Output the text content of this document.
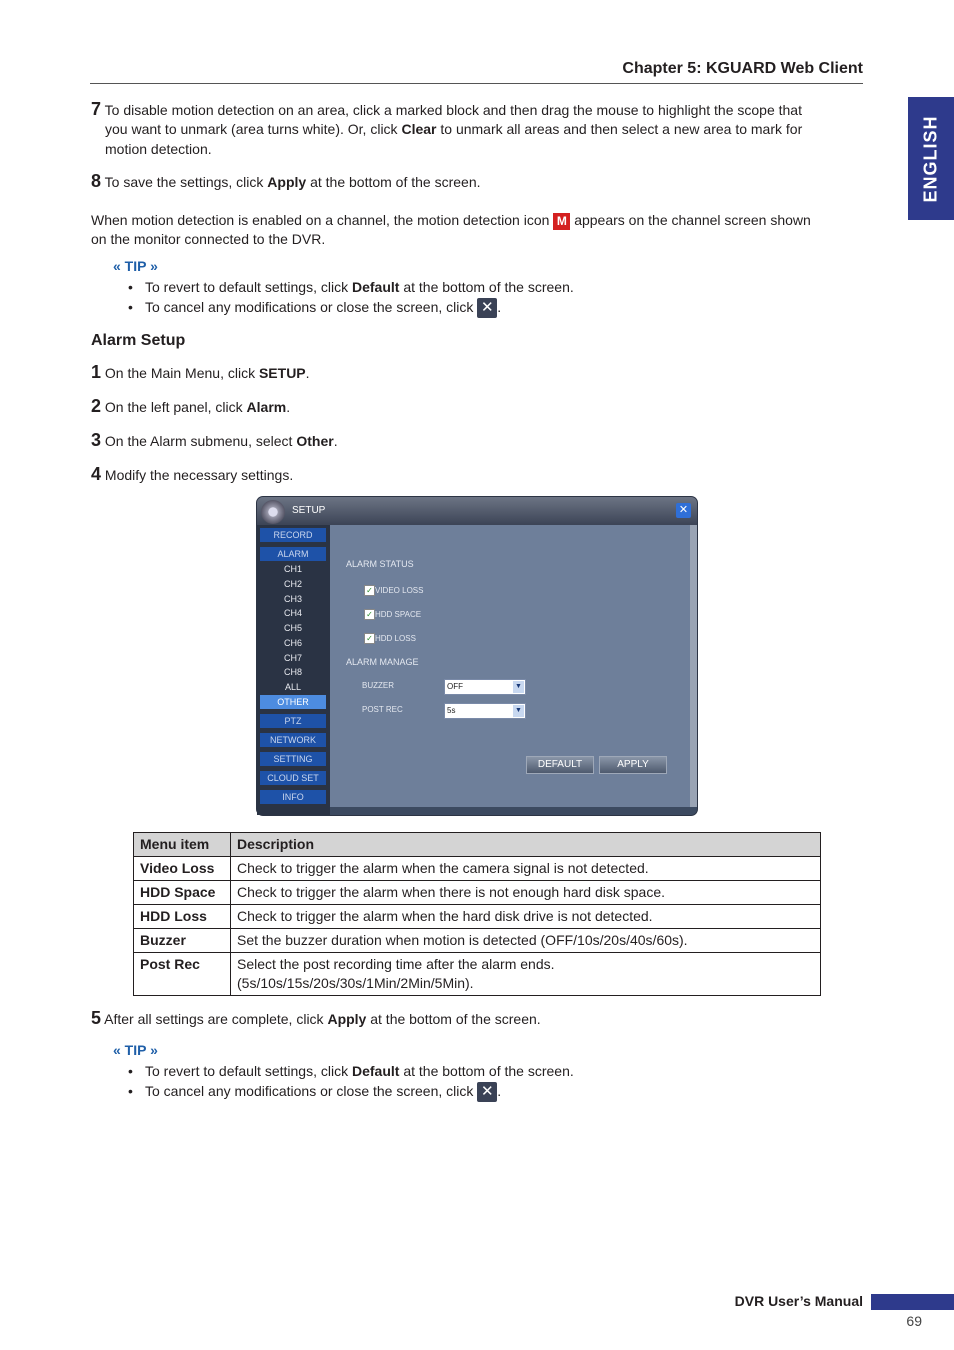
Chapter 5: KGUARD Web Client
ENGLISH
7 To disable motion detection on an area, click a marked block and then drag the mouse to highlight the scope that
you want to unmark (area turns white). Or, click Clear to unmark all areas and then select a new area to mark for
motion detection.
8 To save the settings, click Apply at the bottom of the screen.
When motion detection is enabled on a channel, the motion detection icon M appears on the channel screen shown
on the monitor connected to the DVR.
« TIP »
• To revert to default settings, click Default at the bottom of the screen.
• To cancel any modifications or close the screen, click ✕ .
Alarm Setup
1 On the Main Menu, click SETUP.
2 On the left panel, click Alarm.
3 On the Alarm submenu, select Other.
4 Modify the necessary settings.
SETUP	✕
RECORD
ALARM
CH1
CH2
CH3
CH4
CH5
CH6
CH7
CH8
ALL
OTHER
PTZ
NETWORK
SETTING
CLOUD SET
INFO
ALARM STATUS
✓ VIDEO LOSS
✓ HDD SPACE
✓ HDD LOSS
ALARM MANAGE
BUZZER	OFF	▼
POST REC	5s	▼
DEFAULT	APPLY
Menu item	Description
Video Loss	Check to trigger the alarm when the camera signal is not detected.
HDD Space	Check to trigger the alarm when there is not enough hard disk space.
HDD Loss	Check to trigger the alarm when the hard disk drive is not detected.
Buzzer	Set the buzzer duration when motion is detected (OFF/10s/20s/40s/60s).
Post Rec	Select the post recording time after the alarm ends.
(5s/10s/15s/20s/30s/1Min/2Min/5Min).
5 After all settings are complete, click Apply at the bottom of the screen.
« TIP »
• To revert to default settings, click Default at the bottom of the screen.
• To cancel any modifications or close the screen, click ✕ .
DVR User’s Manual
69
